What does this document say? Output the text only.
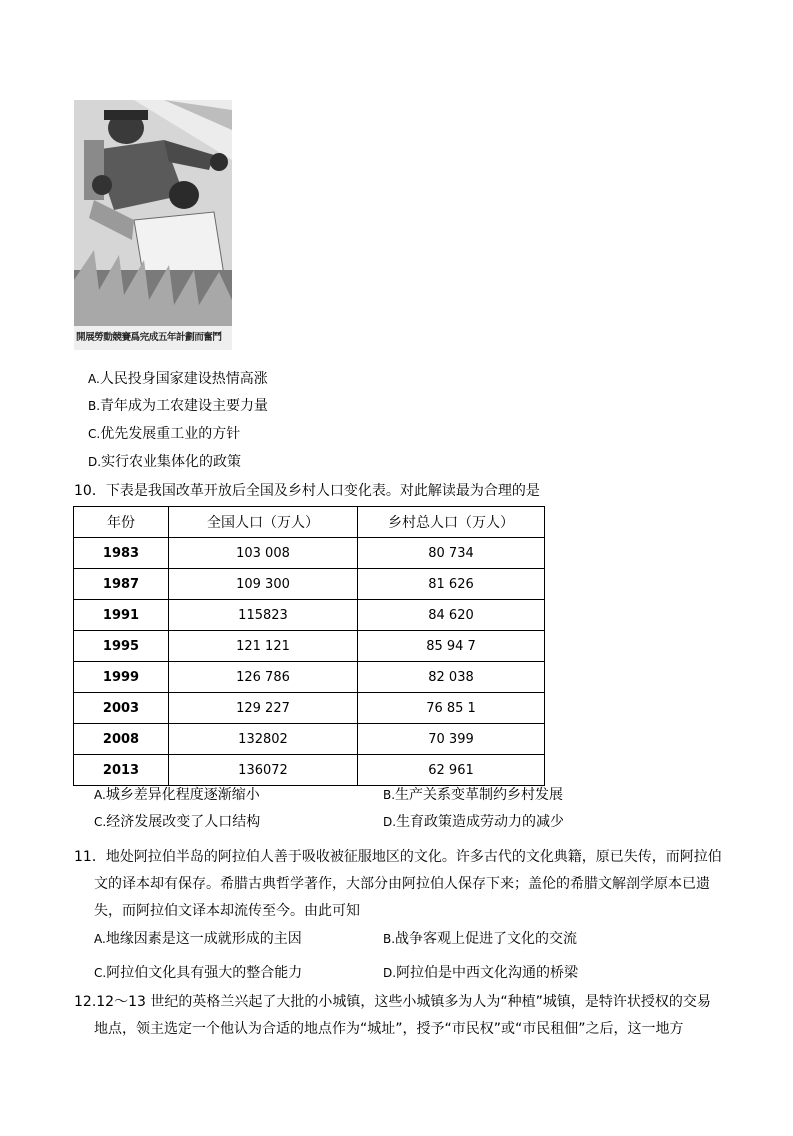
開展勞動競賽爲完成五年計劃而奮鬥
A.人民投身国家建设热情高涨
B.青年成为工农建设主要力量
C.优先发展重工业的方针
D.实行农业集体化的政策
10．下表是我国改革开放后全国及乡村人口变化表。对此解读最为合理的是
年份	全国人口（万人）	乡村总人口（万人）
1983	103 008	80 734
1987	109 300	81 626
1991	115823	84 620
1995	121 121	85 94 7
1999	126 786	82 038
2003	129 227	76 85 1
2008	132802	70 399
2013	136072	62 961
A.城乡差异化程度逐渐缩小	B.生产关系变革制约乡村发展
C.经济发展改变了人口结构	D.生育政策造成劳动力的减少
11．地处阿拉伯半岛的阿拉伯人善于吸收被征服地区的文化。许多古代的文化典籍，原已失传，而阿拉伯
文的译本却有保存。希腊古典哲学著作，大部分由阿拉伯人保存下来；盖伦的希腊文解剖学原本已遗
失，而阿拉伯文译本却流传至今。由此可知
A.地缘因素是这一成就形成的主因	B.战争客观上促进了文化的交流
C.阿拉伯文化具有强大的整合能力	D.阿拉伯是中西文化沟通的桥梁
12.12～13 世纪的英格兰兴起了大批的小城镇，这些小城镇多为人为“种植”城镇，是特许状授权的交易
地点，领主选定一个他认为合适的地点作为“城址”，授予“市民权”或“市民租佃”之后，这一地方
